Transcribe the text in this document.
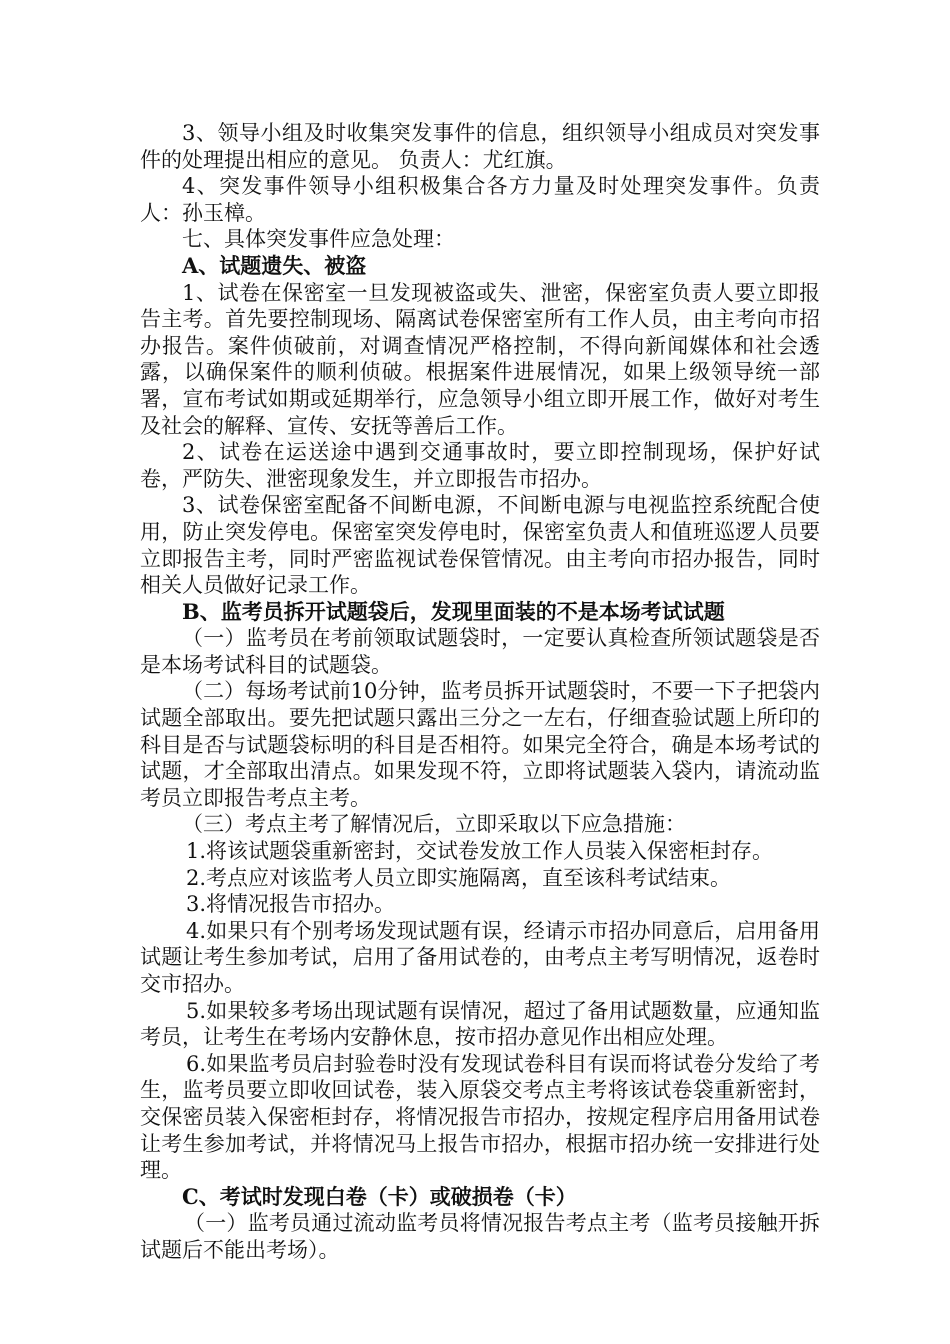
3、领导小组及时收集突发事件的信息，组织领导小组成员对突发事件的处理提出相应的意见。 负责人：尤红旗。

4、突发事件领导小组积极集合各方力量及时处理突发事件。负责人：孙玉樟。

七、具体突发事件应急处理：

A、试题遗失、被盗

1、试卷在保密室一旦发现被盗或失、泄密，保密室负责人要立即报告主考。首先要控制现场、隔离试卷保密室所有工作人员，由主考向市招办报告。案件侦破前，对调查情况严格控制，不得向新闻媒体和社会透露，以确保案件的顺利侦破。根据案件进展情况，如果上级领导统一部署，宣布考试如期或延期举行，应急领导小组立即开展工作，做好对考生及社会的解释、宣传、安抚等善后工作。

2、试卷在运送途中遇到交通事故时，要立即控制现场，保护好试卷，严防失、泄密现象发生，并立即报告市招办。

3、试卷保密室配备不间断电源，不间断电源与电视监控系统配合使用，防止突发停电。保密室突发停电时，保密室负责人和值班巡逻人员要立即报告主考，同时严密监视试卷保管情况。由主考向市招办报告，同时相关人员做好记录工作。

B、监考员拆开试题袋后，发现里面装的不是本场考试试题

（一）监考员在考前领取试题袋时，一定要认真检查所领试题袋是否是本场考试科目的试题袋。

（二）每场考试前10分钟，监考员拆开试题袋时，不要一下子把袋内试题全部取出。要先把试题只露出三分之一左右，仔细查验试题上所印的科目是否与试题袋标明的科目是否相符。如果完全符合，确是本场考试的试题，才全部取出清点。如果发现不符，立即将试题装入袋内，请流动监考员立即报告考点主考。

（三）考点主考了解情况后，立即采取以下应急措施：

1.将该试题袋重新密封，交试卷发放工作人员装入保密柜封存。

2.考点应对该监考人员立即实施隔离，直至该科考试结束。

3.将情况报告市招办。

4.如果只有个别考场发现试题有误，经请示市招办同意后，启用备用试题让考生参加考试，启用了备用试卷的，由考点主考写明情况，返卷时交市招办。

5.如果较多考场出现试题有误情况，超过了备用试题数量，应通知监考员，让考生在考场内安静休息，按市招办意见作出相应处理。

6.如果监考员启封验卷时没有发现试卷科目有误而将试卷分发给了考生，监考员要立即收回试卷，装入原袋交考点主考将该试卷袋重新密封，交保密员装入保密柜封存，将情况报告市招办，按规定程序启用备用试卷让考生参加考试，并将情况马上报告市招办，根据市招办统一安排进行处理。

C、考试时发现白卷（卡）或破损卷（卡）

（一）监考员通过流动监考员将情况报告考点主考（监考员接触开拆试题后不能出考场）。
